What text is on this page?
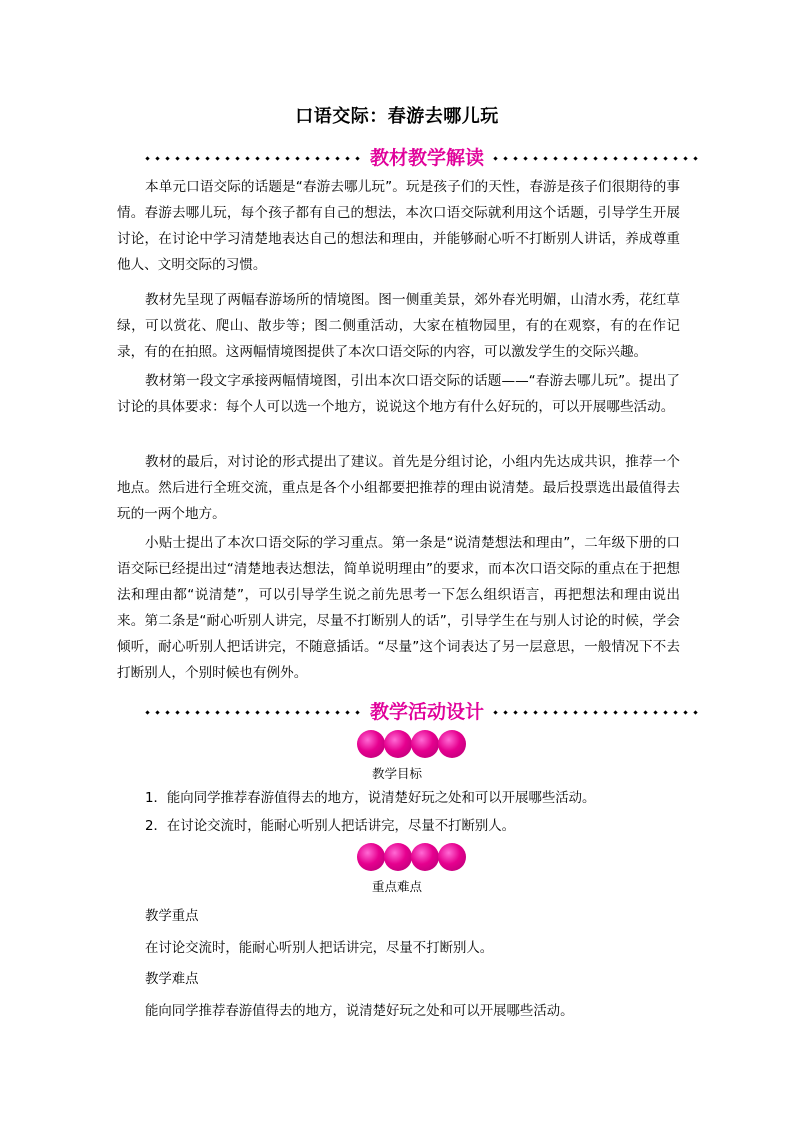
口语交际：春游去哪儿玩
教材教学解读

本单元口语交际的话题是“春游去哪儿玩”。玩是孩子们的天性，春游是孩子们很期待的事情。春游去哪儿玩，每个孩子都有自己的想法，本次口语交际就利用这个话题，引导学生开展讨论，在讨论中学习清楚地表达自己的想法和理由，并能够耐心听不打断别人讲话，养成尊重他人、文明交际的习惯。

教材先呈现了两幅春游场所的情境图。图一侧重美景，郊外春光明媚，山清水秀，花红草绿，可以赏花、爬山、散步等；图二侧重活动，大家在植物园里，有的在观察，有的在作记录，有的在拍照。这两幅情境图提供了本次口语交际的内容，可以激发学生的交际兴趣。

教材第一段文字承接两幅情境图，引出本次口语交际的话题——“春游去哪儿玩”。提出了讨论的具体要求：每个人可以选一个地方，说说这个地方有什么好玩的，可以开展哪些活动。

教材的最后，对讨论的形式提出了建议。首先是分组讨论，小组内先达成共识，推荐一个地点。然后进行全班交流，重点是各个小组都要把推荐的理由说清楚。最后投票选出最值得去玩的一两个地方。

小贴士提出了本次口语交际的学习重点。第一条是“说清楚想法和理由”，二年级下册的口语交际已经提出过“清楚地表达想法，简单说明理由”的要求，而本次口语交际的重点在于把想法和理由都“说清楚”，可以引导学生说之前先思考一下怎么组织语言，再把想法和理由说出来。第二条是“耐心听别人讲完，尽量不打断别人的话”，引导学生在与别人讨论的时候，学会倾听，耐心听别人把话讲完，不随意插话。“尽量”这个词表达了另一层意思，一般情况下不去打断别人，个别时候也有例外。

教学活动设计
教学目标

1．能向同学推荐春游值得去的地方，说清楚好玩之处和可以开展哪些活动。

2．在讨论交流时，能耐心听别人把话讲完，尽量不打断别人。

重点难点

教学重点

在讨论交流时，能耐心听别人把话讲完，尽量不打断别人。

教学难点

能向同学推荐春游值得去的地方，说清楚好玩之处和可以开展哪些活动。
